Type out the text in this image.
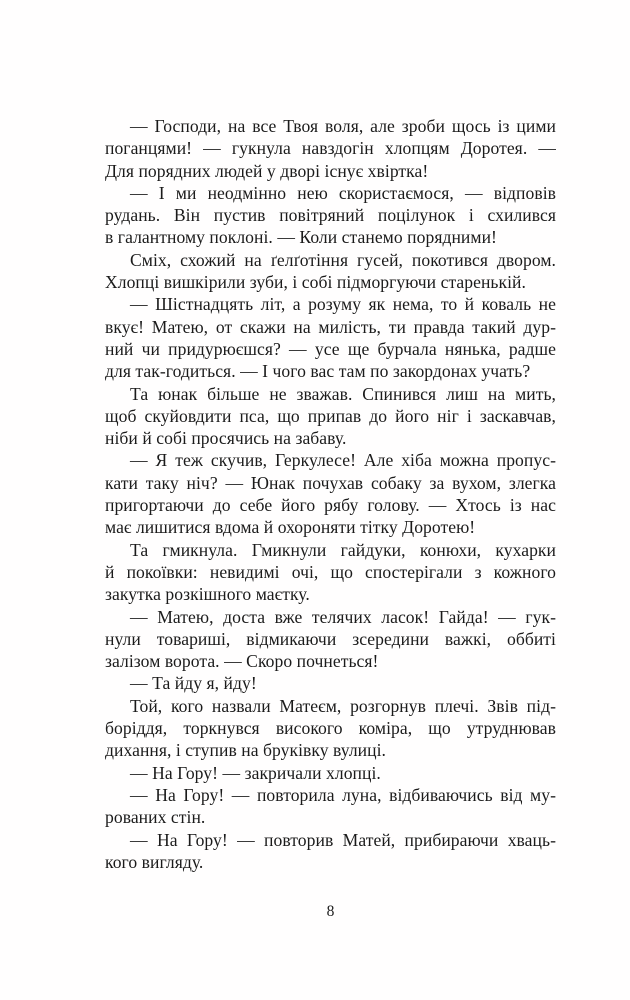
— Господи, на все Твоя воля, але зроби щось із цими
поганцями! — гукнула навздогін хлопцям Доротея. —
Для порядних людей у дворі існує хвіртка!
— І ми неодмінно нею скористаємося, — відповів
рудань. Він пустив повітряний поцілунок і схилився
в галантному поклоні. — Коли станемо порядними!
Сміх, схожий на ґелґотіння гусей, покотився двором.
Хлопці вишкірили зуби, і собі підморгуючи старенькій.
— Шістнадцять літ, а розуму як нема, то й коваль не
вкує! Матею, от скажи на милість, ти правда такий дур-
ний чи придурюєшся? — усе ще бурчала нянька, радше
для так-годиться. — І чого вас там по закордонах учать?
Та юнак більше не зважав. Спинився лиш на мить,
щоб скуйовдити пса, що припав до його ніг і заскавчав,
ніби й собі просячись на забаву.
— Я теж скучив, Геркулесе! Але хіба можна пропус-
кати таку ніч? — Юнак почухав собаку за вухом, злегка
пригортаючи до себе його рябу голову. — Хтось із нас
має лишитися вдома й охороняти тітку Доротею!
Та гмикнула. Гмикнули гайдуки, конюхи, кухарки
й покоївки: невидимі очі, що спостерігали з кожного
закутка розкішного маєтку.
— Матею, доста вже телячих ласок! Гайда! — гук-
нули товариші, відмикаючи зсередини важкі, оббиті
залізом ворота. — Скоро почнеться!
— Та йду я, йду!
Той, кого назвали Матеєм, розгорнув плечі. Звів під-
боріддя, торкнувся високого коміра, що утруднював
дихання, і ступив на бруківку вулиці.
— На Гору! — закричали хлопці.
— На Гору! — повторила луна, відбиваючись від му-
рованих стін.
— На Гору! — повторив Матей, прибираючи хваць-
кого вигляду.
8
